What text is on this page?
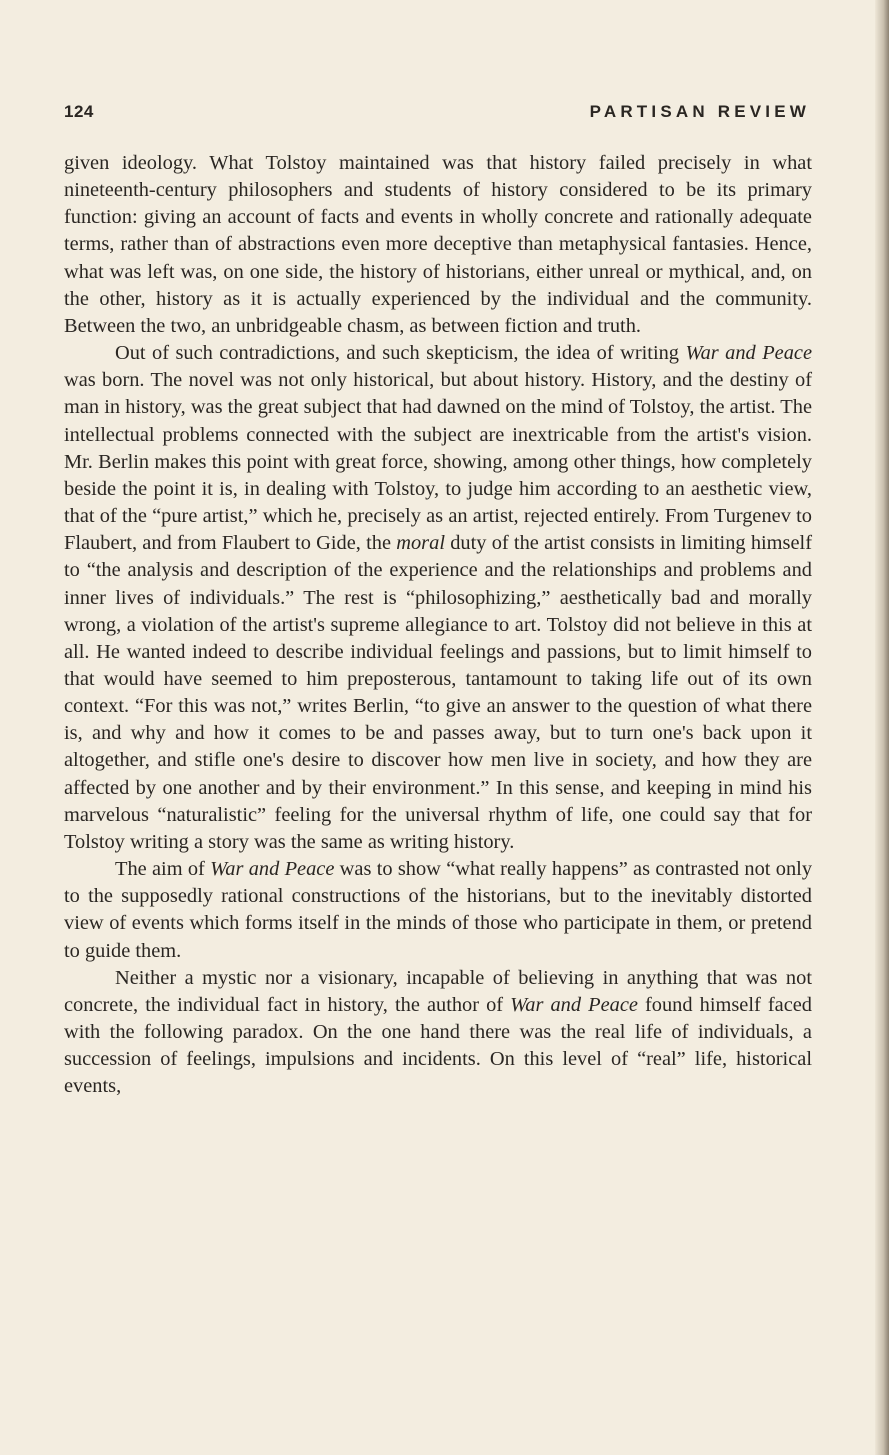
124	PARTISAN REVIEW

given ideology. What Tolstoy maintained was that history failed precisely in what nineteenth-century philosophers and students of history considered to be its primary function: giving an account of facts and events in wholly concrete and rationally adequate terms, rather than of abstractions even more deceptive than metaphysical fantasies. Hence, what was left was, on one side, the history of historians, either unreal or mythical, and, on the other, history as it is actually experienced by the individual and the community. Between the two, an unbridgeable chasm, as between fiction and truth.

Out of such contradictions, and such skepticism, the idea of writing War and Peace was born. The novel was not only historical, but about history. History, and the destiny of man in history, was the great subject that had dawned on the mind of Tolstoy, the artist. The intellectual problems connected with the subject are inextricable from the artist's vision. Mr. Berlin makes this point with great force, showing, among other things, how completely beside the point it is, in dealing with Tolstoy, to judge him according to an aesthetic view, that of the “pure artist,” which he, precisely as an artist, rejected entirely. From Turgenev to Flaubert, and from Flaubert to Gide, the moral duty of the artist consists in limiting himself to “the analysis and description of the experience and the relationships and problems and inner lives of individuals.” The rest is “philosophizing,” aesthetically bad and morally wrong, a violation of the artist's supreme allegiance to art. Tolstoy did not believe in this at all. He wanted indeed to describe individual feelings and passions, but to limit himself to that would have seemed to him preposterous, tantamount to taking life out of its own context. “For this was not,” writes Berlin, “to give an answer to the question of what there is, and why and how it comes to be and passes away, but to turn one's back upon it altogether, and stifle one's desire to discover how men live in society, and how they are affected by one another and by their environment.” In this sense, and keeping in mind his marvelous “naturalistic” feeling for the universal rhythm of life, one could say that for Tolstoy writing a story was the same as writing history.

The aim of War and Peace was to show “what really happens” as contrasted not only to the supposedly rational constructions of the historians, but to the inevitably distorted view of events which forms itself in the minds of those who participate in them, or pretend to guide them.

Neither a mystic nor a visionary, incapable of believing in anything that was not concrete, the individual fact in history, the author of War and Peace found himself faced with the following paradox. On the one hand there was the real life of individuals, a succession of feelings, impulsions and incidents. On this level of “real” life, historical events,
